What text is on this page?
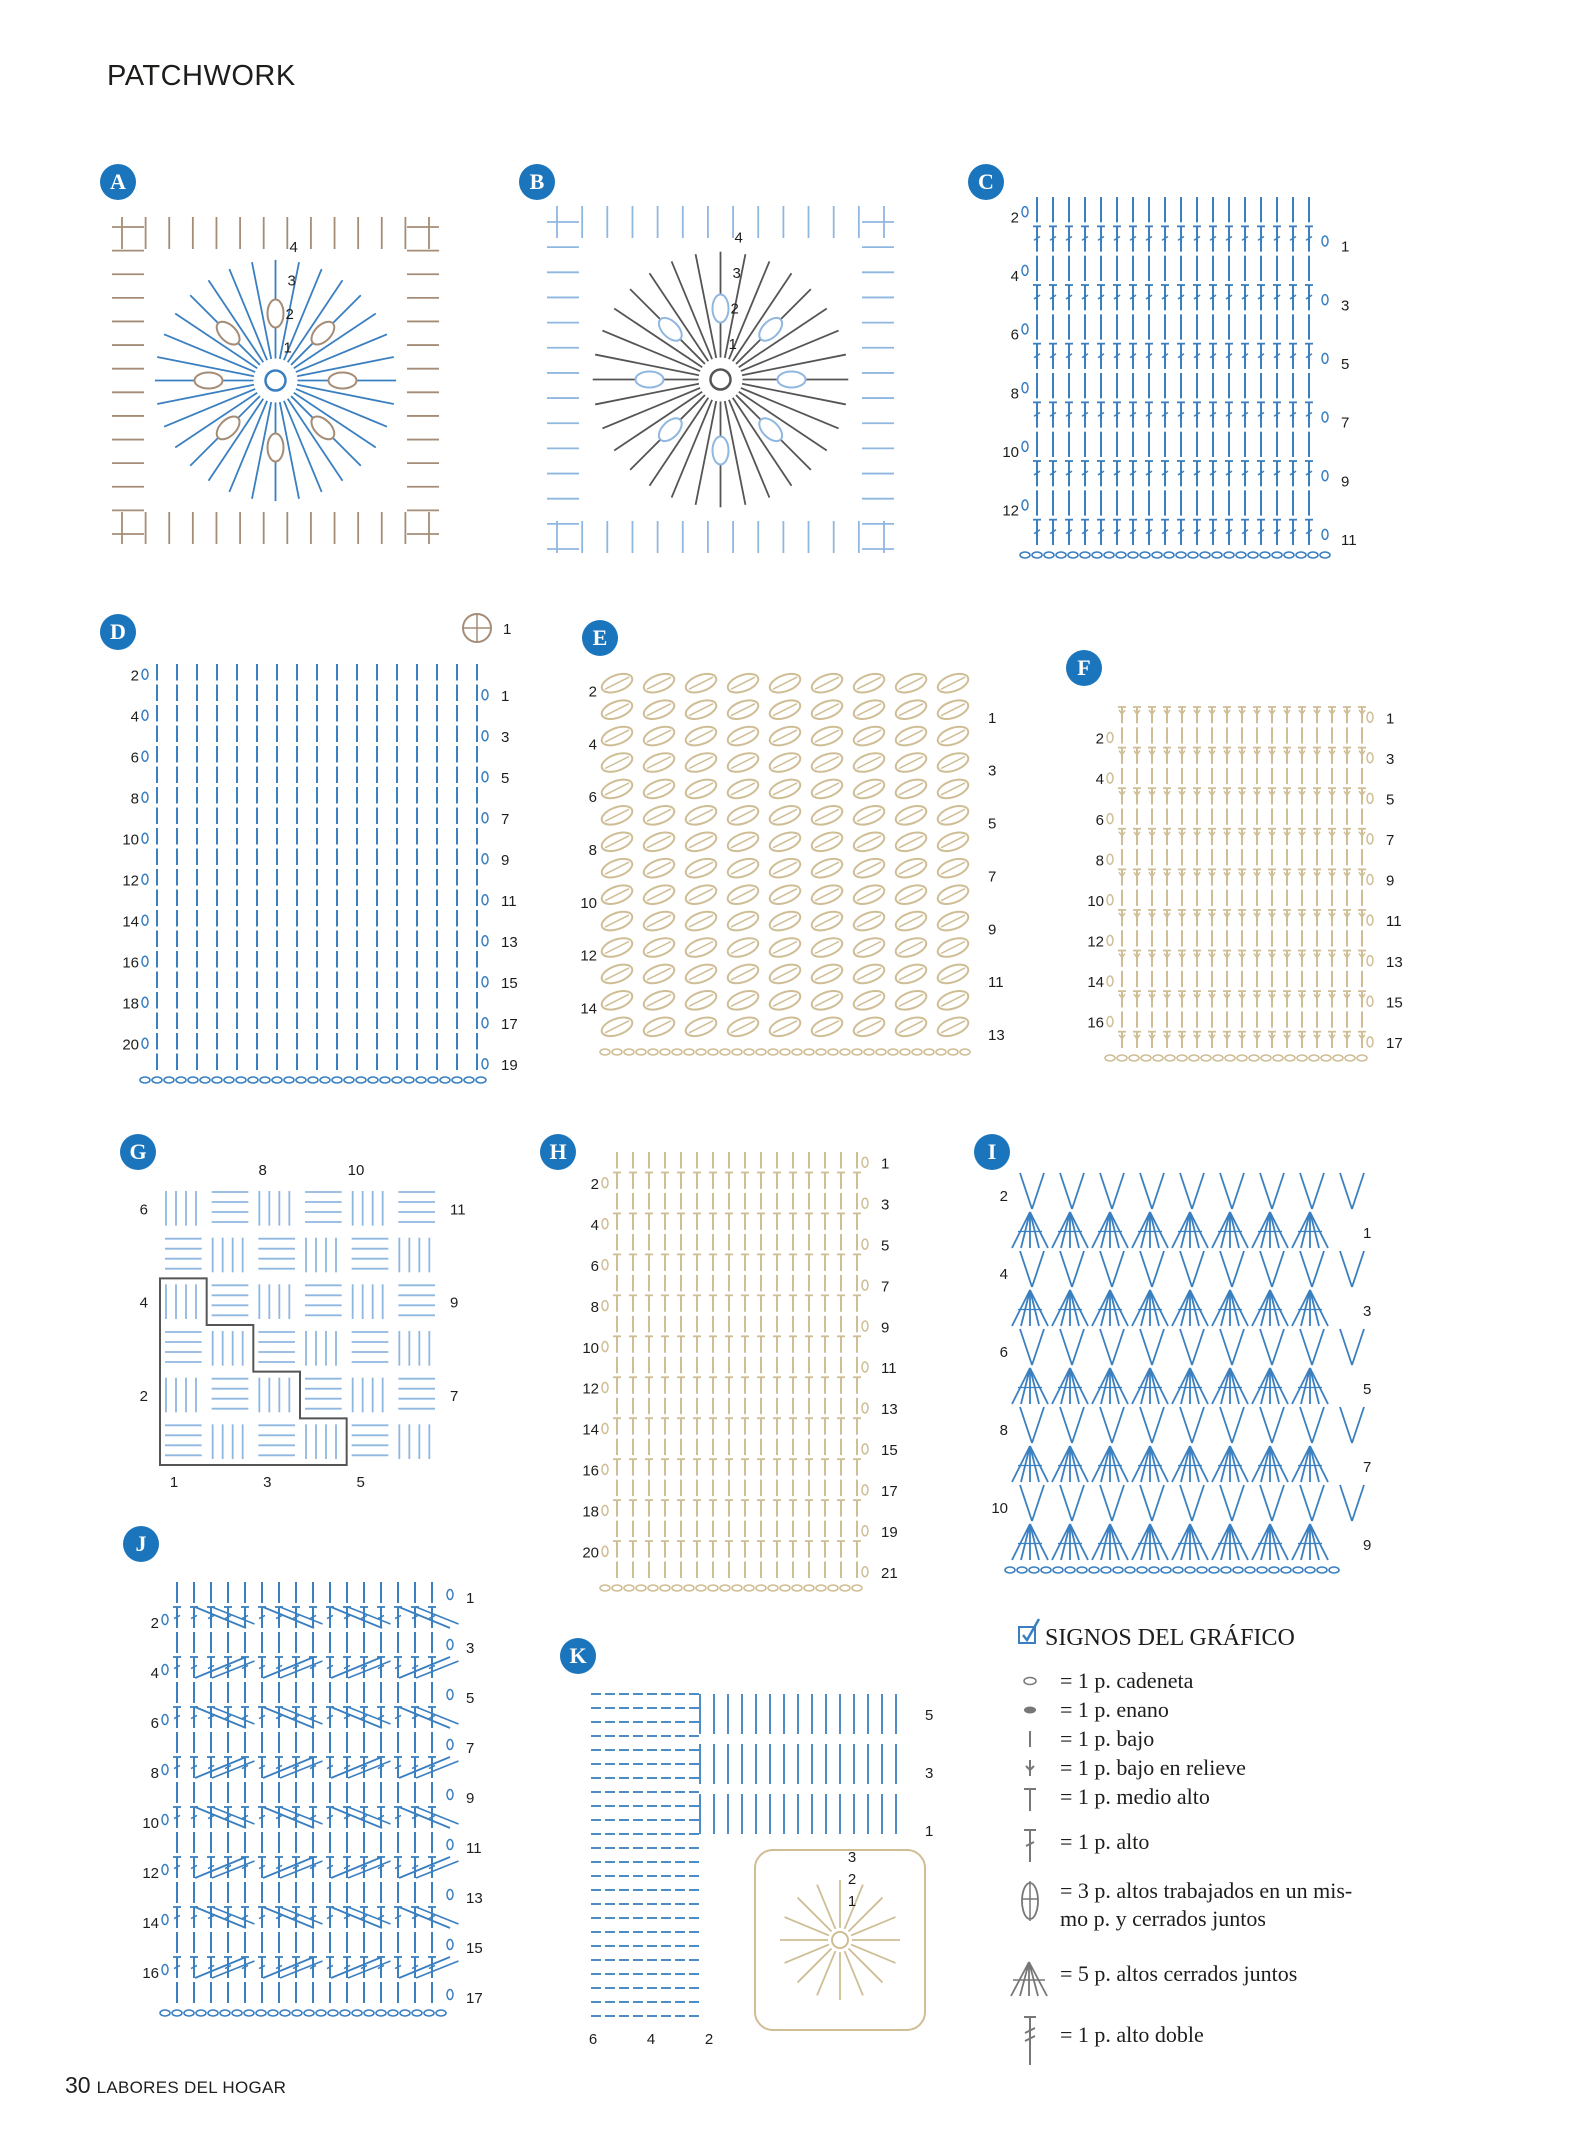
PATCHWORK
A	B	C
D	E
F
G	H	I
J
K
4
3
2
1
4
3
2
1
11
9
7
5
3
1
12
10
8
6
4
2
19
17
15
13
11
9
7
5
3
1
20
18
16
14
12
10
8
6
4
2
1
13
11
9
7
5
3
1
14
12
10
8
6
4
2
17
15
13
11
9
7
5
3
1
16
14
12
10
8
6
4
2
6
4
2
11
9
7
8	10
1	3	5
21
19
17
15
13
11
9
7
5
3
1
20
18
16
14
12
10
8
6
4
2
9
7
5
3
1
10
8
6
4
2
17
15
13
11
9
7
5
3
1
16
14
12
10
8
6
4
2
3
2
1
5
3
1
6	4	2
SIGNOS DEL GRÁFICO
= 1 p. cadeneta
= 1 p. enano
= 1 p. bajo
= 1 p. bajo en relieve
= 1 p. medio alto
= 1 p. alto
= 3 p. altos trabajados en un mis-
mo p. y cerrados juntos
= 5 p. altos cerrados juntos
= 1 p. alto doble
30 LABORES DEL HOGAR
